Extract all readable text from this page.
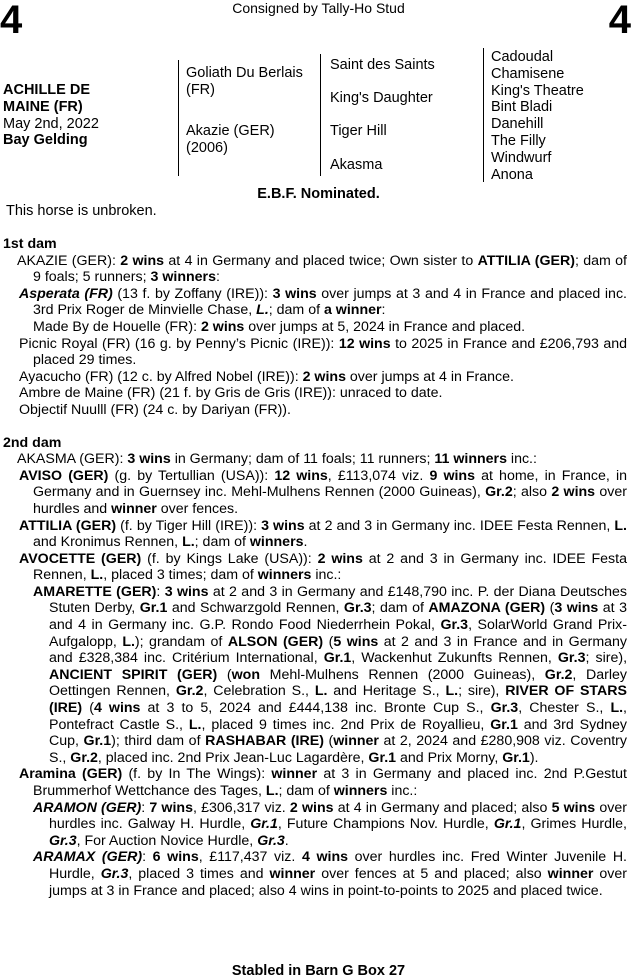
4	Consigned by Tally-Ho Stud	4
ACHILLE DE
MAINE (FR)
May 2nd, 2022
Bay Gelding
Goliath Du Berlais (FR)
Akazie (GER) (2006)
Saint des Saints
King's Daughter
Tiger Hill
Akasma
Cadoudal
Chamisene
King's Theatre
Bint Bladi
Danehill
The Filly
Windwurf
Anona
E.B.F. Nominated.
This horse is unbroken.
1st dam
AKAZIE (GER): 2 wins at 4 in Germany and placed twice; Own sister to ATTILIA (GER); dam of 9 foals; 5 runners; 3 winners:
Asperata (FR) (13 f. by Zoffany (IRE)): 3 wins over jumps at 3 and 4 in France and placed inc. 3rd Prix Roger de Minvielle Chase, L.; dam of a winner:
Made By de Houelle (FR): 2 wins over jumps at 5, 2024 in France and placed.
Picnic Royal (FR) (16 g. by Penny’s Picnic (IRE)): 12 wins to 2025 in France and £206,793 and placed 29 times.
Ayacucho (FR) (12 c. by Alfred Nobel (IRE)): 2 wins over jumps at 4 in France.
Ambre de Maine (FR) (21 f. by Gris de Gris (IRE)): unraced to date.
Objectif Nuulll (FR) (24 c. by Dariyan (FR)).
2nd dam
AKASMA (GER): 3 wins in Germany; dam of 11 foals; 11 runners; 11 winners inc.:
AVISO (GER) (g. by Tertullian (USA)): 12 wins, £113,074 viz. 9 wins at home, in France, in Germany and in Guernsey inc. Mehl-Mulhens Rennen (2000 Guineas), Gr.2; also 2 wins over hurdles and winner over fences.
ATTILIA (GER) (f. by Tiger Hill (IRE)): 3 wins at 2 and 3 in Germany inc. IDEE Festa Rennen, L. and Kronimus Rennen, L.; dam of winners.
AVOCETTE (GER) (f. by Kings Lake (USA)): 2 wins at 2 and 3 in Germany inc. IDEE Festa Rennen, L., placed 3 times; dam of winners inc.:
AMARETTE (GER): 3 wins at 2 and 3 in Germany and £148,790 inc. P. der Diana Deutsches Stuten Derby, Gr.1 and Schwarzgold Rennen, Gr.3; dam of AMAZONA (GER) (3 wins at 3 and 4 in Germany inc. G.P. Rondo Food Niederrhein Pokal, Gr.3, SolarWorld Grand Prix-Aufgalopp, L.); grandam of ALSON (GER) (5 wins at 2 and 3 in France and in Germany and £328,384 inc. Critérium International, Gr.1, Wackenhut Zukunfts Rennen, Gr.3; sire), ANCIENT SPIRIT (GER) (won Mehl-Mulhens Rennen (2000 Guineas), Gr.2, Darley Oettingen Rennen, Gr.2, Celebration S., L. and Heritage S., L.; sire), RIVER OF STARS (IRE) (4 wins at 3 to 5, 2024 and £444,138 inc. Bronte Cup S., Gr.3, Chester S., L., Pontefract Castle S., L., placed 9 times inc. 2nd Prix de Royallieu, Gr.1 and 3rd Sydney Cup, Gr.1); third dam of RASHABAR (IRE) (winner at 2, 2024 and £280,908 viz. Coventry S., Gr.2, placed inc. 2nd Prix Jean-Luc Lagardère, Gr.1 and Prix Morny, Gr.1).
Aramina (GER) (f. by In The Wings): winner at 3 in Germany and placed inc. 2nd P.Gestut Brummerhof Wettchance des Tages, L.; dam of winners inc.:
ARAMON (GER): 7 wins, £306,317 viz. 2 wins at 4 in Germany and placed; also 5 wins over hurdles inc. Galway H. Hurdle, Gr.1, Future Champions Nov. Hurdle, Gr.1, Grimes Hurdle, Gr.3, For Auction Novice Hurdle, Gr.3.
ARAMAX (GER): 6 wins, £117,437 viz. 4 wins over hurdles inc. Fred Winter Juvenile H. Hurdle, Gr.3, placed 3 times and winner over fences at 5 and placed; also winner over jumps at 3 in France and placed; also 4 wins in point-to-points to 2025 and placed twice.
Stabled in Barn G Box 27
